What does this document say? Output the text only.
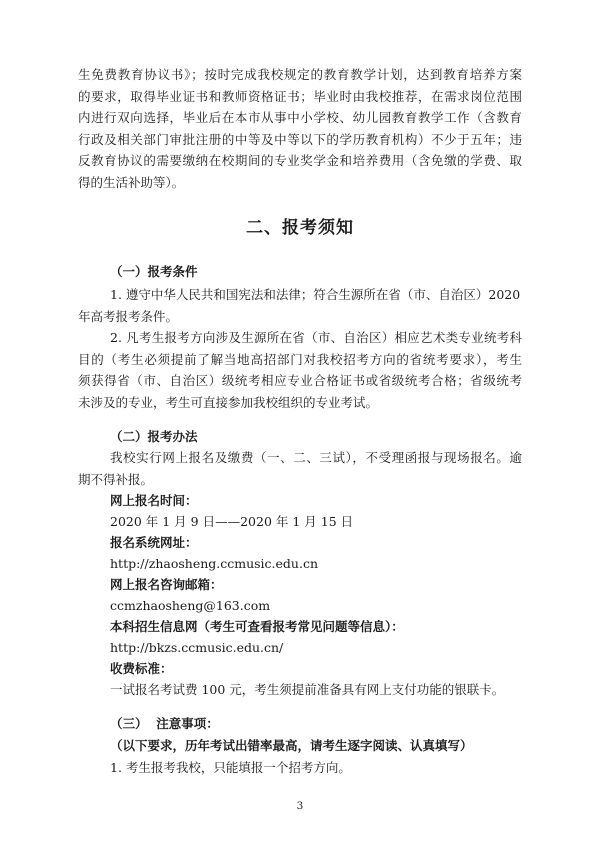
生免费教育协议书》；按时完成我校规定的教育教学计划，达到教育培养方案
的要求，取得毕业证书和教师资格证书；毕业时由我校推荐，在需求岗位范围
内进行双向选择，毕业后在本市从事中小学校、幼儿园教育教学工作（含教育
行政及相关部门审批注册的中等及中等以下的学历教育机构）不少于五年；违
反教育协议的需要缴纳在校期间的专业奖学金和培养费用（含免缴的学费、取
得的生活补助等）。
二、报考须知
（一）报考条件
1. 遵守中华人民共和国宪法和法律；符合生源所在省（市、自治区）2020
年高考报考条件。
2. 凡考生报考方向涉及生源所在省（市、自治区）相应艺术类专业统考科
目的（考生必须提前了解当地高招部门对我校招考方向的省统考要求），考生
须获得省（市、自治区）级统考相应专业合格证书或省级统考合格；省级统考
未涉及的专业，考生可直接参加我校组织的专业考试。
（二）报考办法
我校实行网上报名及缴费（一、二、三试），不受理函报与现场报名。逾
期不得补报。
网上报名时间：
2020 年 1 月 9 日——2020 年 1 月 15 日
报名系统网址：
http://zhaosheng.ccmusic.edu.cn
网上报名咨询邮箱：
ccmzhaosheng@163.com
本科招生信息网（考生可查看报考常见问题等信息）：
http://bkzs.ccmusic.edu.cn/
收费标准：
一试报名考试费 100 元，考生须提前准备具有网上支付功能的银联卡。
（三）  注意事项：
（以下要求，历年考试出错率最高，请考生逐字阅读、认真填写）
1. 考生报考我校，只能填报一个招考方向。
3
